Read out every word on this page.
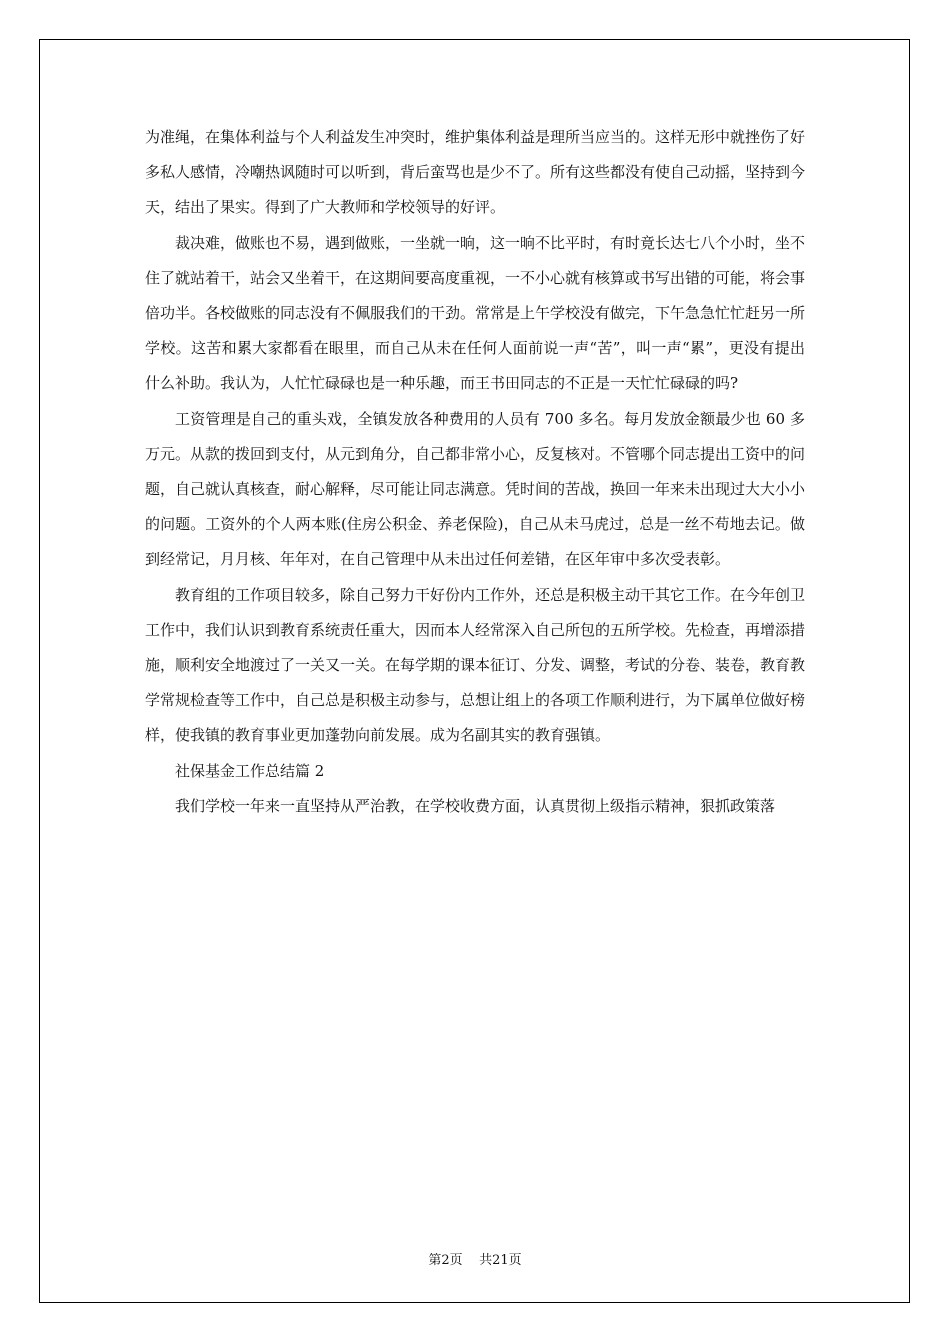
为准绳，在集体利益与个人利益发生冲突时，维护集体利益是理所当应当的。这样无形中就挫伤了好多私人感情，冷嘲热讽随时可以听到，背后蛮骂也是少不了。所有这些都没有使自己动摇，坚持到今天，结出了果实。得到了广大教师和学校领导的好评。

裁决难，做账也不易，遇到做账，一坐就一晌，这一晌不比平时，有时竟长达七八个小时，坐不住了就站着干，站会又坐着干，在这期间要高度重视，一不小心就有核算或书写出错的可能，将会事倍功半。各校做账的同志没有不佩服我们的干劲。常常是上午学校没有做完，下午急急忙忙赶另一所学校。这苦和累大家都看在眼里，而自己从未在任何人面前说一声“苦”，叫一声“累”，更没有提出什么补助。我认为，人忙忙碌碌也是一种乐趣，而王书田同志的不正是一天忙忙碌碌的吗?

工资管理是自己的重头戏，全镇发放各种费用的人员有 700 多名。每月发放金额最少也 60 多万元。从款的拨回到支付，从元到角分，自己都非常小心，反复核对。不管哪个同志提出工资中的问题，自己就认真核查，耐心解释，尽可能让同志满意。凭时间的苦战，换回一年来未出现过大大小小的问题。工资外的个人两本账(住房公积金、养老保险)，自己从未马虎过，总是一丝不苟地去记。做到经常记，月月核、年年对，在自己管理中从未出过任何差错，在区年审中多次受表彰。

教育组的工作项目较多，除自己努力干好份内工作外，还总是积极主动干其它工作。在今年创卫工作中，我们认识到教育系统责任重大，因而本人经常深入自己所包的五所学校。先检查，再增添措施，顺利安全地渡过了一关又一关。在每学期的课本征订、分发、调整，考试的分卷、装卷，教育教学常规检查等工作中，自己总是积极主动参与，总想让组上的各项工作顺利进行，为下属单位做好榜样，使我镇的教育事业更加蓬勃向前发展。成为名副其实的教育强镇。

社保基金工作总结篇 2

我们学校一年来一直坚持从严治教，在学校收费方面，认真贯彻上级指示精神，狠抓政策落

第2页    共21页
